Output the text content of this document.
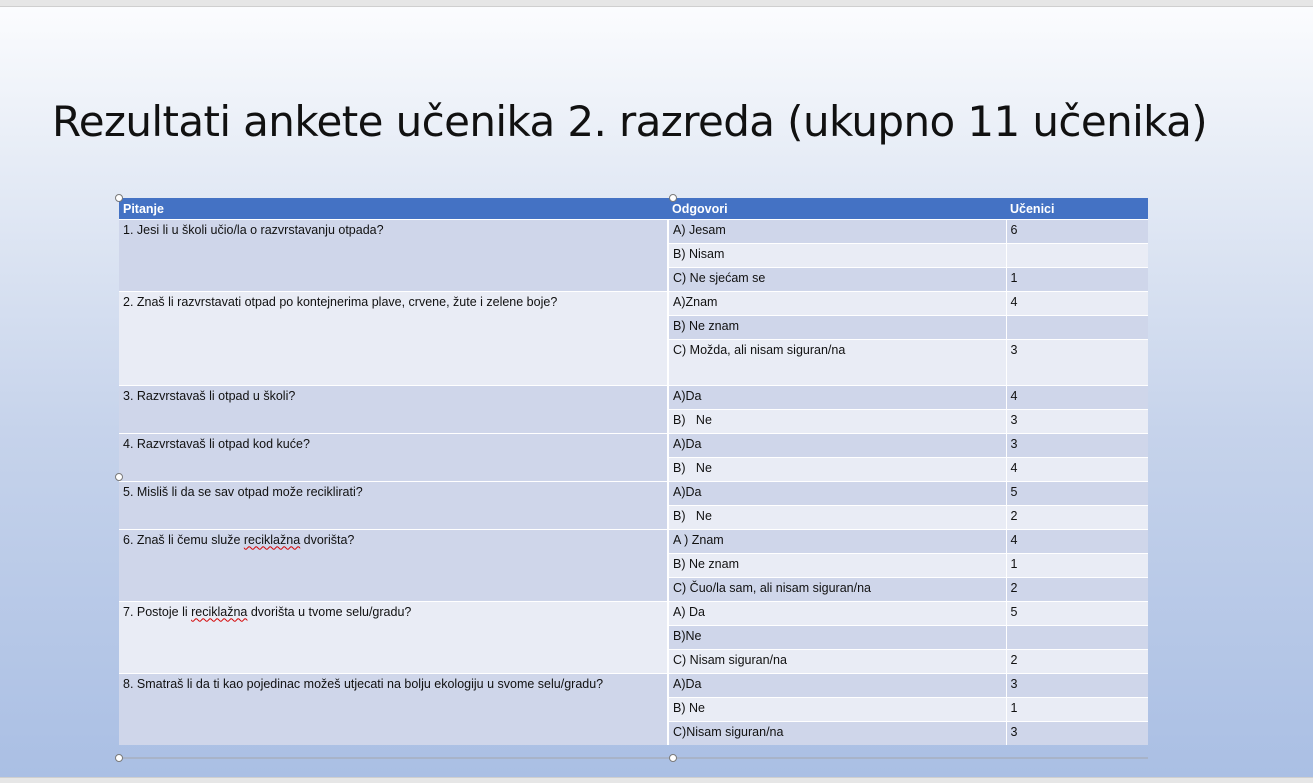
Rezultati ankete učenika 2. razreda (ukupno 11 učenika)
Pitanje	Odgovori	Učenici
1. Jesi li u školi učio/la o razvrstavanju otpada?	A) Jesam	6
	B) Nisam	
	C) Ne sjećam se	1
2. Znaš li razvrstavati otpad po kontejnerima plave, crvene, žute i zelene boje?	A)Znam	4
	B) Ne znam	
	C) Možda, ali nisam siguran/na	3
3. Razvrstavaš li otpad u školi?	A)Da	4
	B)   Ne	3
4. Razvrstavaš li otpad kod kuće?	A)Da	3
	B)   Ne	4
5. Misliš li da se sav otpad može reciklirati?	A)Da	5
	B)   Ne	2
6. Znaš li čemu služe reciklažna dvorišta?	A ) Znam	4
	B) Ne znam	1
	C) Čuo/la sam, ali nisam siguran/na	2
7. Postoje li reciklažna dvorišta u tvome selu/gradu?	A) Da	5
	B)Ne	
	C) Nisam siguran/na	2
8. Smatraš li da ti kao pojedinac možeš utjecati na bolju ekologiju u svome selu/gradu?	A)Da	3
	B) Ne	1
	C)Nisam siguran/na	3
